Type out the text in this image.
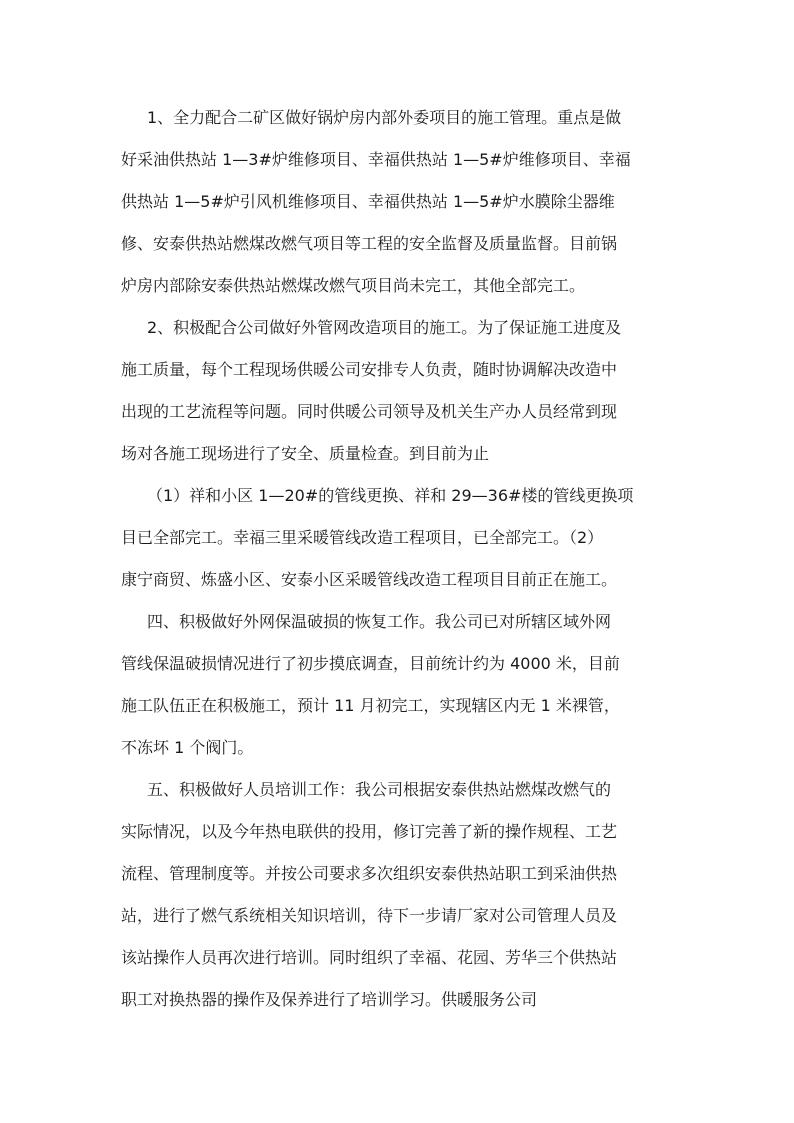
1、全力配合二矿区做好锅炉房内部外委项目的施工管理。重点是做
好采油供热站 1—3#炉维修项目、幸福供热站 1—5#炉维修项目、幸福
供热站 1—5#炉引风机维修项目、幸福供热站 1—5#炉水膜除尘器维
修、安泰供热站燃煤改燃气项目等工程的安全监督及质量监督。目前锅
炉房内部除安泰供热站燃煤改燃气项目尚未完工，其他全部完工。
2、积极配合公司做好外管网改造项目的施工。为了保证施工进度及
施工质量，每个工程现场供暖公司安排专人负责，随时协调解决改造中
出现的工艺流程等问题。同时供暖公司领导及机关生产办人员经常到现
场对各施工现场进行了安全、质量检查。到目前为止
（1）祥和小区 1—20#的管线更换、祥和 29—36#楼的管线更换项
目已全部完工。幸福三里采暖管线改造工程项目，已全部完工。（2）
康宁商贸、炼盛小区、安泰小区采暖管线改造工程项目目前正在施工。
四、积极做好外网保温破损的恢复工作。我公司已对所辖区域外网
管线保温破损情况进行了初步摸底调查，目前统计约为 4000 米，目前
施工队伍正在积极施工，预计 11 月初完工，实现辖区内无 1 米裸管，
不冻坏 1 个阀门。
五、积极做好人员培训工作：我公司根据安泰供热站燃煤改燃气的
实际情况，以及今年热电联供的投用，修订完善了新的操作规程、工艺
流程、管理制度等。并按公司要求多次组织安泰供热站职工到采油供热
站，进行了燃气系统相关知识培训，待下一步请厂家对公司管理人员及
该站操作人员再次进行培训。同时组织了幸福、花园、芳华三个供热站
职工对换热器的操作及保养进行了培训学习。供暖服务公司
